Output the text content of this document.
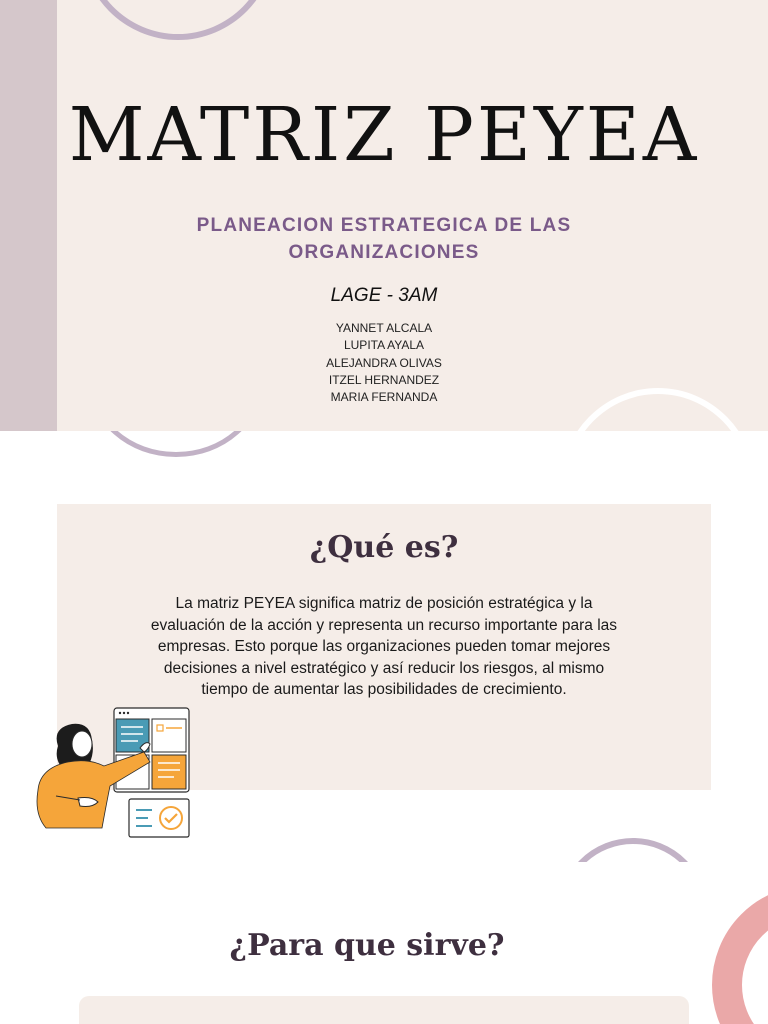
MATRIZ PEYEA
PLANEACION ESTRATEGICA DE LAS
ORGANIZACIONES
LAGE - 3AM
YANNET ALCALA
LUPITA AYALA
ALEJANDRA OLIVAS
ITZEL HERNANDEZ
MARIA FERNANDA
¿Qué es?
La matriz PEYEA significa matriz de posición estratégica y la
evaluación de la acción y representa un recurso importante para las
empresas. Esto porque las organizaciones pueden tomar mejores
decisiones a nivel estratégico y así reducir los riesgos, al mismo
tiempo de aumentar las posibilidades de crecimiento.
¿Para que sirve?
